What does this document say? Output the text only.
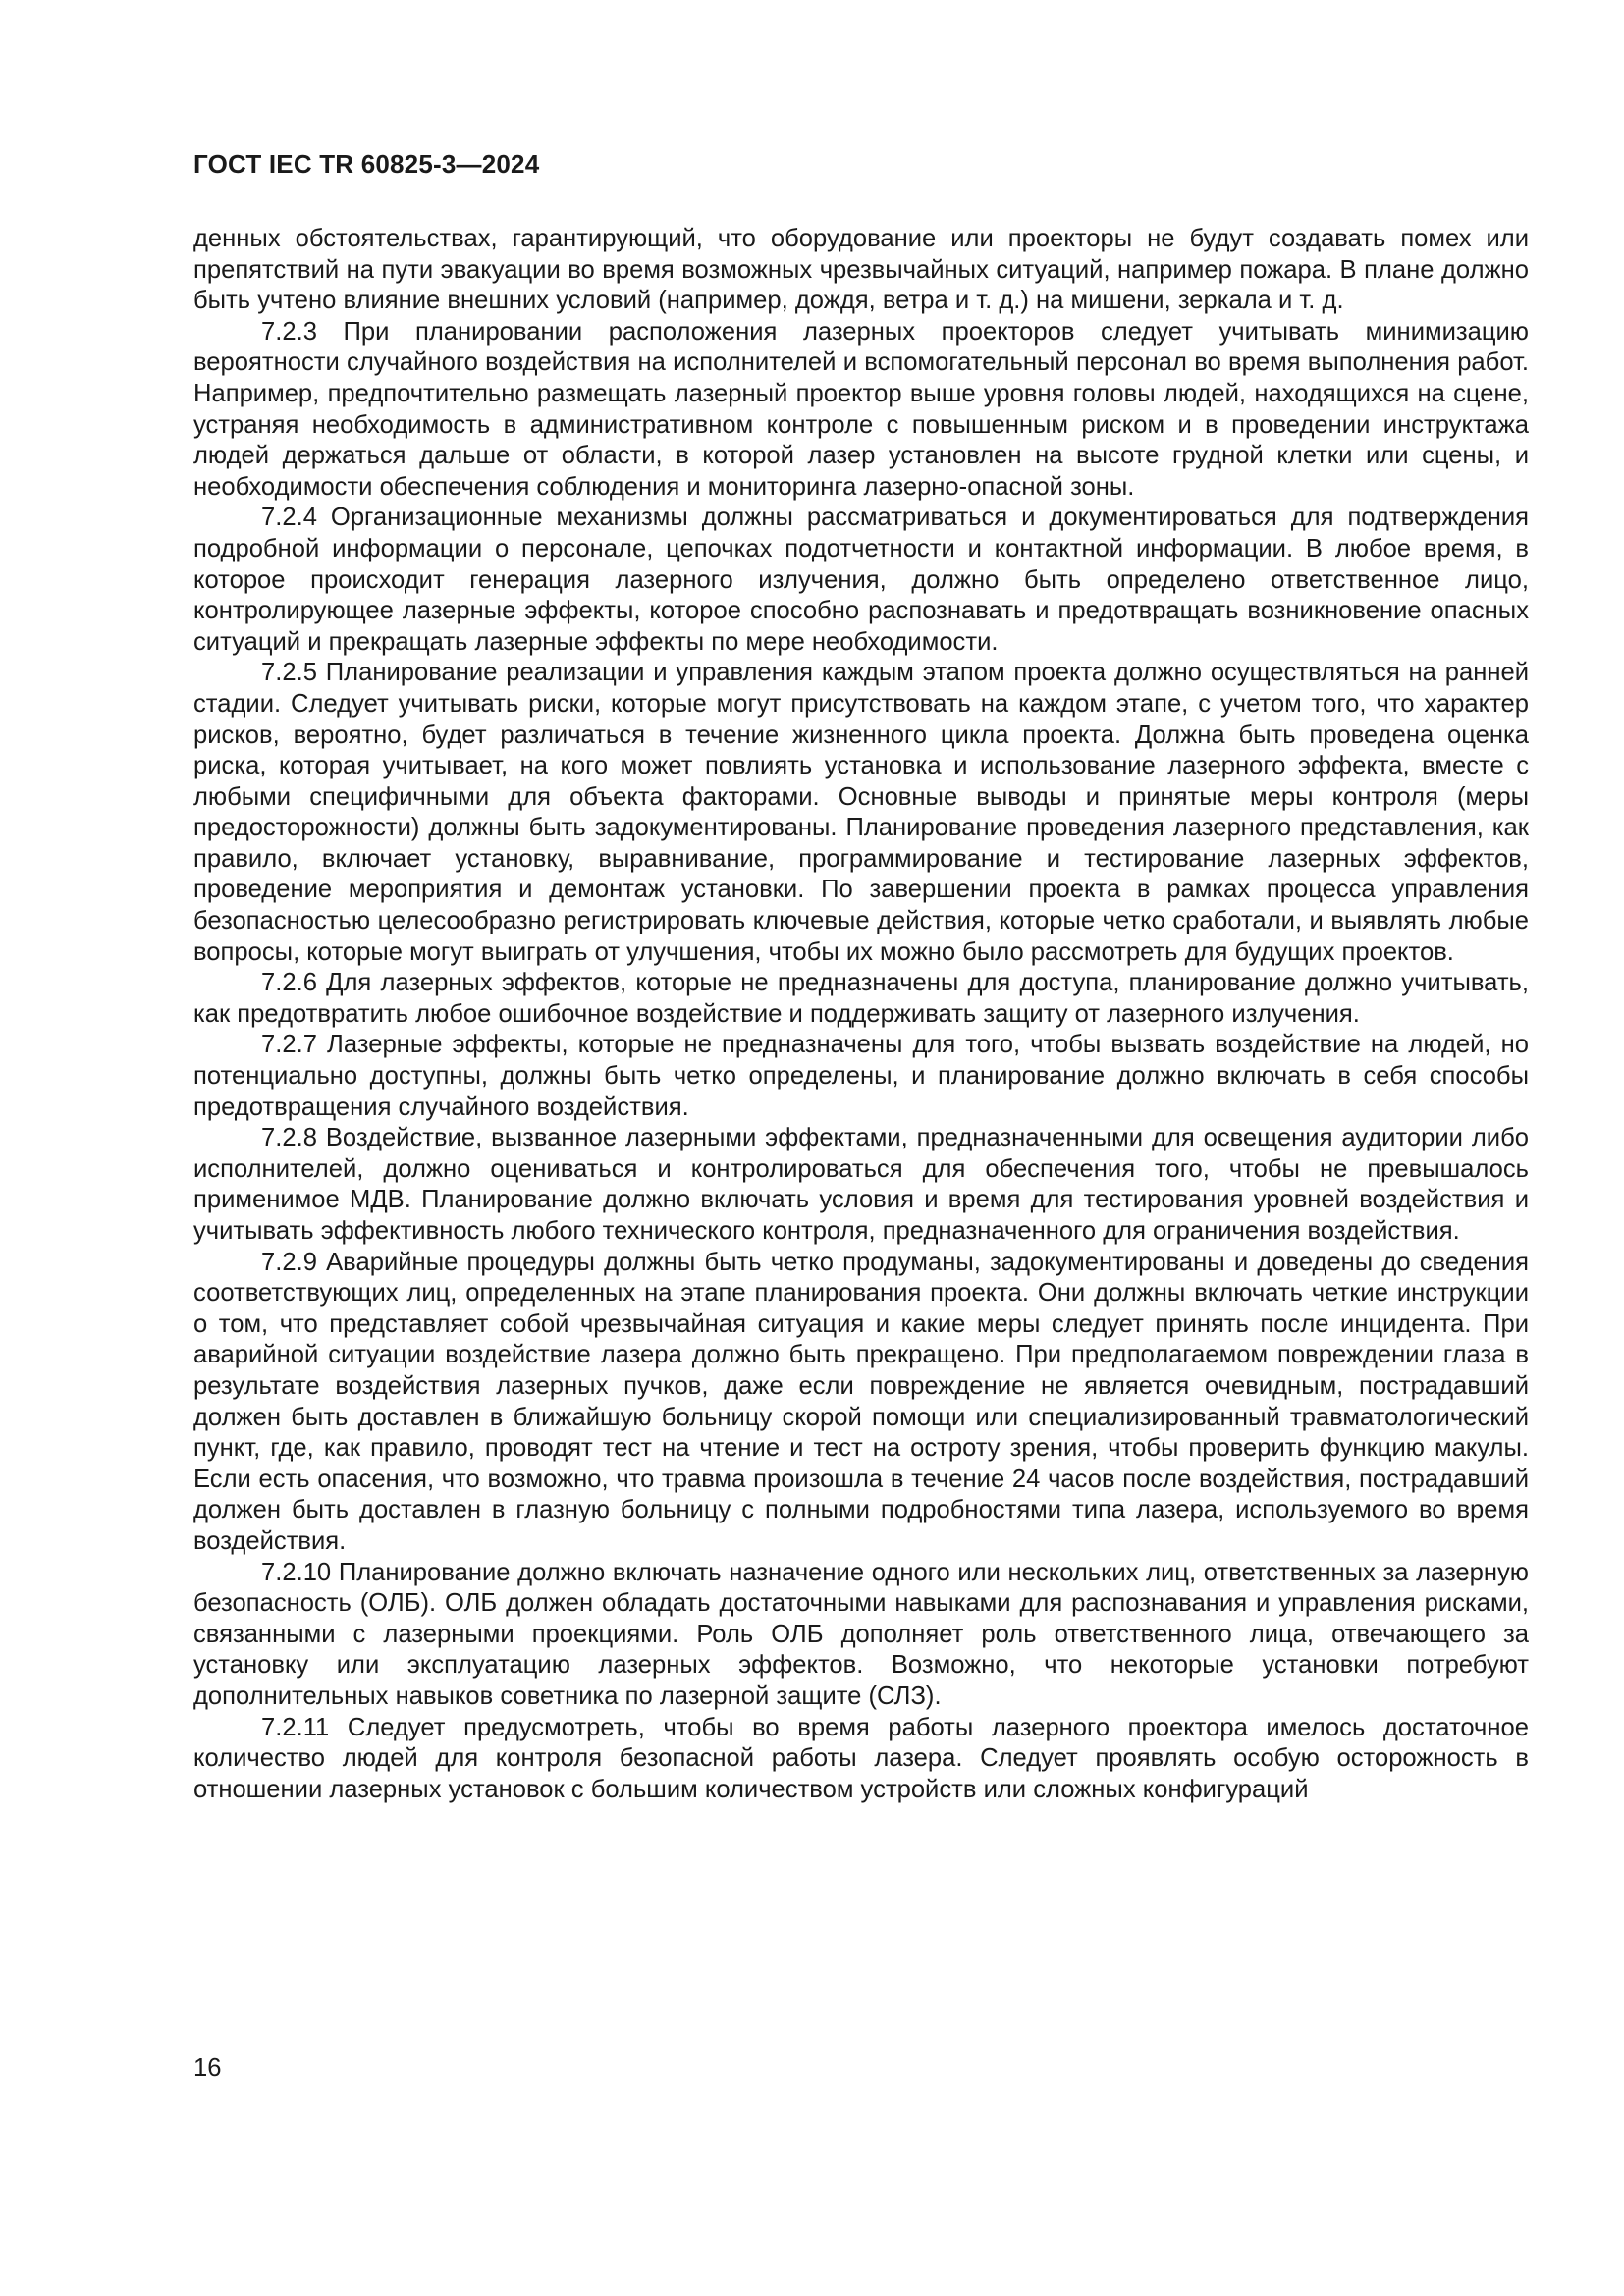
ГОСТ IEC TR 60825-3—2024

денных обстоятельствах, гарантирующий, что оборудование или проекторы не будут создавать помех или препятствий на пути эвакуации во время возможных чрезвычайных ситуаций, например пожара. В плане должно быть учтено влияние внешних условий (например, дождя, ветра и т. д.) на мишени, зеркала и т. д.

7.2.3 При планировании расположения лазерных проекторов следует учитывать минимизацию вероятности случайного воздействия на исполнителей и вспомогательный персонал во время выполнения работ. Например, предпочтительно размещать лазерный проектор выше уровня головы людей, находящихся на сцене, устраняя необходимость в административном контроле с повышенным риском и в проведении инструктажа людей держаться дальше от области, в которой лазер установлен на высоте грудной клетки или сцены, и необходимости обеспечения соблюдения и мониторинга лазерно-опасной зоны.

7.2.4 Организационные механизмы должны рассматриваться и документироваться для подтверждения подробной информации о персонале, цепочках подотчетности и контактной информации. В любое время, в которое происходит генерация лазерного излучения, должно быть определено ответственное лицо, контролирующее лазерные эффекты, которое способно распознавать и предотвращать возникновение опасных ситуаций и прекращать лазерные эффекты по мере необходимости.

7.2.5 Планирование реализации и управления каждым этапом проекта должно осуществляться на ранней стадии. Следует учитывать риски, которые могут присутствовать на каждом этапе, с учетом того, что характер рисков, вероятно, будет различаться в течение жизненного цикла проекта. Должна быть проведена оценка риска, которая учитывает, на кого может повлиять установка и использование лазерного эффекта, вместе с любыми специфичными для объекта факторами. Основные выводы и принятые меры контроля (меры предосторожности) должны быть задокументированы. Планирование проведения лазерного представления, как правило, включает установку, выравнивание, программирование и тестирование лазерных эффектов, проведение мероприятия и демонтаж установки. По завершении проекта в рамках процесса управления безопасностью целесообразно регистрировать ключевые действия, которые четко сработали, и выявлять любые вопросы, которые могут выиграть от улучшения, чтобы их можно было рассмотреть для будущих проектов.

7.2.6 Для лазерных эффектов, которые не предназначены для доступа, планирование должно учитывать, как предотвратить любое ошибочное воздействие и поддерживать защиту от лазерного излучения.

7.2.7 Лазерные эффекты, которые не предназначены для того, чтобы вызвать воздействие на людей, но потенциально доступны, должны быть четко определены, и планирование должно включать в себя способы предотвращения случайного воздействия.

7.2.8 Воздействие, вызванное лазерными эффектами, предназначенными для освещения аудитории либо исполнителей, должно оцениваться и контролироваться для обеспечения того, чтобы не превышалось применимое МДВ. Планирование должно включать условия и время для тестирования уровней воздействия и учитывать эффективность любого технического контроля, предназначенного для ограничения воздействия.

7.2.9 Аварийные процедуры должны быть четко продуманы, задокументированы и доведены до сведения соответствующих лиц, определенных на этапе планирования проекта. Они должны включать четкие инструкции о том, что представляет собой чрезвычайная ситуация и какие меры следует принять после инцидента. При аварийной ситуации воздействие лазера должно быть прекращено. При предполагаемом повреждении глаза в результате воздействия лазерных пучков, даже если повреждение не является очевидным, пострадавший должен быть доставлен в ближайшую больницу скорой помощи или специализированный травматологический пункт, где, как правило, проводят тест на чтение и тест на остроту зрения, чтобы проверить функцию макулы. Если есть опасения, что возможно, что травма произошла в течение 24 часов после воздействия, пострадавший должен быть доставлен в глазную больницу с полными подробностями типа лазера, используемого во время воздействия.

7.2.10 Планирование должно включать назначение одного или нескольких лиц, ответственных за лазерную безопасность (ОЛБ). ОЛБ должен обладать достаточными навыками для распознавания и управления рисками, связанными с лазерными проекциями. Роль ОЛБ дополняет роль ответственного лица, отвечающего за установку или эксплуатацию лазерных эффектов. Возможно, что некоторые установки потребуют дополнительных навыков советника по лазерной защите (СЛЗ).

7.2.11 Следует предусмотреть, чтобы во время работы лазерного проектора имелось достаточное количество людей для контроля безопасной работы лазера. Следует проявлять особую осторожность в отношении лазерных установок с большим количеством устройств или сложных конфигураций

16
